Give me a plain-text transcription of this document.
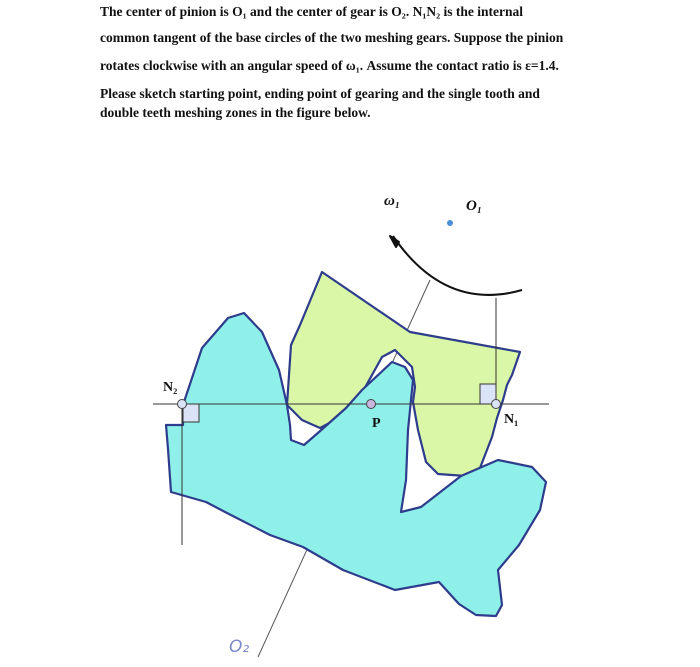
The center of pinion is O₁ and the center of gear is O₂. N₁N₂ is the internal

common tangent of the base circles of the two meshing gears. Suppose the pinion

rotates clockwise with an angular speed of ω₁. Assume the contact ratio is ε=1.4.

Please sketch starting point, ending point of gearing and the single tooth and

double teeth meshing zones in the figure below.

ω₁	O₁
N₂
N₁
P
O₂
